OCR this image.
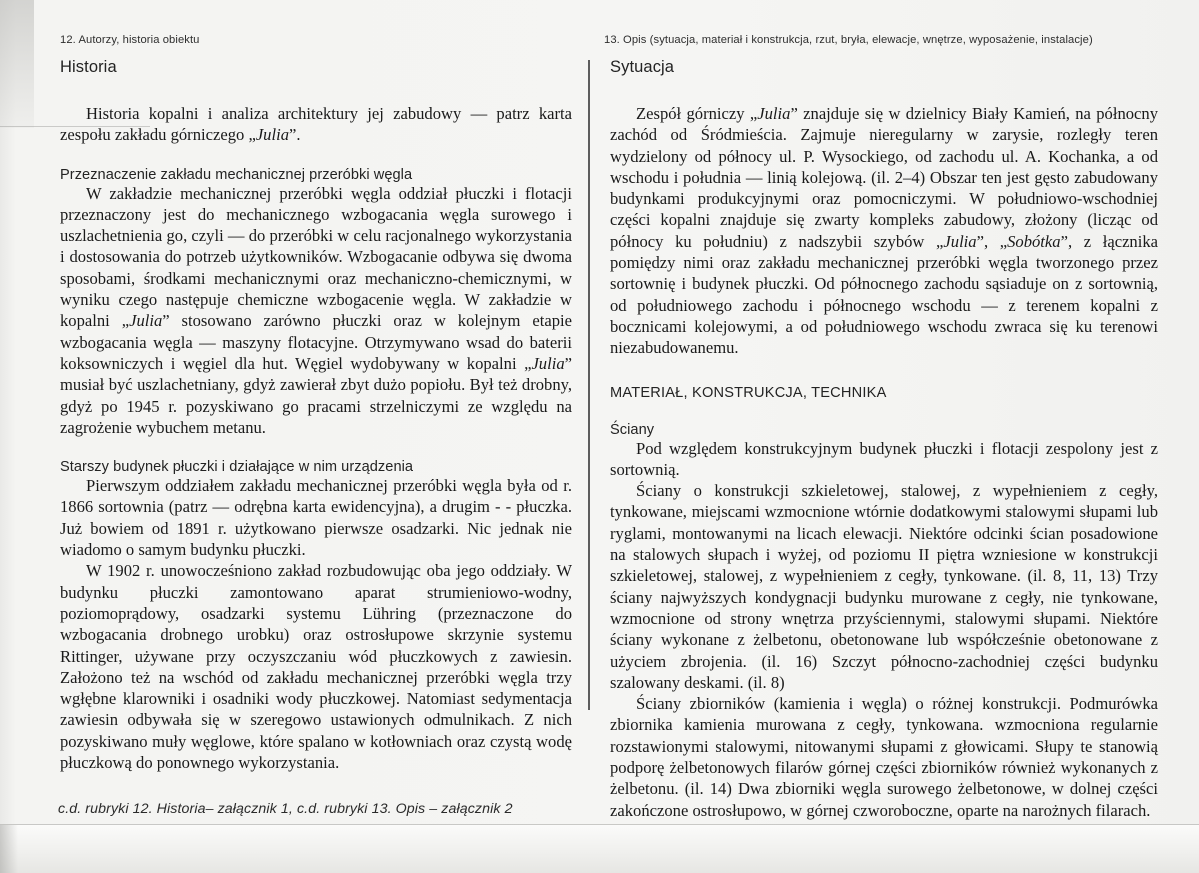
12. Autorzy, historia obiektu	13. Opis (sytuacja, materiał i konstrukcja, rzut, bryła, elewacje, wnętrze, wyposażenie, instalacje)
Historia

Historia kopalni i analiza architektury jej zabudowy — patrz karta zespołu zakładu górniczego „Julia”.

Przeznaczenie zakładu mechanicznej przeróbki węgla

W zakładzie mechanicznej przeróbki węgla oddział płuczki i flotacji przeznaczony jest do mechanicznego wzbogacania węgla surowego i uszlachetnienia go, czyli — do przeróbki w celu racjonalnego wykorzystania i dostosowania do potrzeb użytkowników. Wzbogacanie odbywa się dwoma sposobami, środkami mechanicznymi oraz mechaniczno-chemicznymi, w wyniku czego następuje chemiczne wzbogacenie węgla. W zakładzie w kopalni „Julia” stosowano zarówno płuczki oraz w kolejnym etapie wzbogacania węgla — maszyny flotacyjne. Otrzymywano wsad do baterii koksowniczych i węgiel dla hut. Węgiel wydobywany w kopalni „Julia” musiał być uszlachetniany, gdyż zawierał zbyt dużo popiołu. Był też drobny, gdyż po 1945 r. pozyskiwano go pracami strzelniczymi ze względu na zagrożenie wybuchem metanu.

Starszy budynek płuczki i działające w nim urządzenia

Pierwszym oddziałem zakładu mechanicznej przeróbki węgla była od r. 1866 sortownia (patrz — odrębna karta ewidencyjna), a drugim - - płuczka. Już bowiem od 1891 r. użytkowano pierwsze osadzarki. Nic jednak nie wiadomo o samym budynku płuczki.

W 1902 r. unowocześniono zakład rozbudowując oba jego oddziały. W budynku płuczki zamontowano aparat strumieniowo-wodny, poziomoprądowy, osadzarki systemu Lühring (przeznaczone do wzbogacania drobnego urobku) oraz ostrosłupowe skrzynie systemu Rittinger, używane przy oczyszczaniu wód płuczkowych z zawiesin. Założono też na wschód od zakładu mechanicznej przeróbki węgla trzy wgłębne klarowniki i osadniki wody płuczkowej. Natomiast sedymentacja zawiesin odbywała się w szeregowo ustawionych odmulnikach. Z nich pozyskiwano muły węglowe, które spalano w kotłowniach oraz czystą wodę płuczkową do ponownego wykorzystania.

Sytuacja

Zespół górniczy „Julia” znajduje się w dzielnicy Biały Kamień, na północny zachód od Śródmieścia. Zajmuje nieregularny w zarysie, rozległy teren wydzielony od północy ul. P. Wysockiego, od zachodu ul. A. Kochanka, a od wschodu i południa — linią kolejową. (il. 2–4) Obszar ten jest gęsto zabudowany budynkami produkcyjnymi oraz pomocniczymi. W południowo-wschodniej części kopalni znajduje się zwarty kompleks zabudowy, złożony (licząc od północy ku południu) z nadszybii szybów „Julia”, „Sobótka”, z łącznika pomiędzy nimi oraz zakładu mechanicznej przeróbki węgla tworzonego przez sortownię i budynek płuczki. Od północnego zachodu sąsiaduje on z sortownią, od południowego zachodu i północnego wschodu — z terenem kopalni z bocznicami kolejowymi, a od południowego wschodu zwraca się ku terenowi niezabudowanemu.

MATERIAŁ, KONSTRUKCJA, TECHNIKA
Ściany

Pod względem konstrukcyjnym budynek płuczki i flotacji zespolony jest z sortownią.

Ściany o konstrukcji szkieletowej, stalowej, z wypełnieniem z cegły, tynkowane, miejscami wzmocnione wtórnie dodatkowymi stalowymi słupami lub ryglami, montowanymi na licach elewacji. Niektóre odcinki ścian posadowione na stalowych słupach i wyżej, od poziomu II piętra wzniesione w konstrukcji szkieletowej, stalowej, z wypełnieniem z cegły, tynkowane. (il. 8, 11, 13) Trzy ściany najwyższych kondygnacji budynku murowane z cegły, nie tynkowane, wzmocnione od strony wnętrza przyściennymi, stalowymi słupami. Niektóre ściany wykonane z żelbetonu, obetonowane lub współcześnie obetonowane z użyciem zbrojenia. (il. 16) Szczyt północno-zachodniej części budynku szalowany deskami. (il. 8)

Ściany zbiorników (kamienia i węgla) o różnej konstrukcji. Podmurówka zbiornika kamienia murowana z cegły, tynkowana. wzmocniona regularnie rozstawionymi stalowymi, nitowanymi słupami z głowicami. Słupy te stanowią podporę żelbetonowych filarów górnej części zbiorników również wykonanych z żelbetonu. (il. 14) Dwa zbiorniki węgla surowego żelbetonowe, w dolnej części zakończone ostrosłupowo, w górnej czworoboczne, oparte na narożnych filarach.

c.d. rubryki 12. Historia– załącznik 1, c.d. rubryki 13. Opis – załącznik 2
